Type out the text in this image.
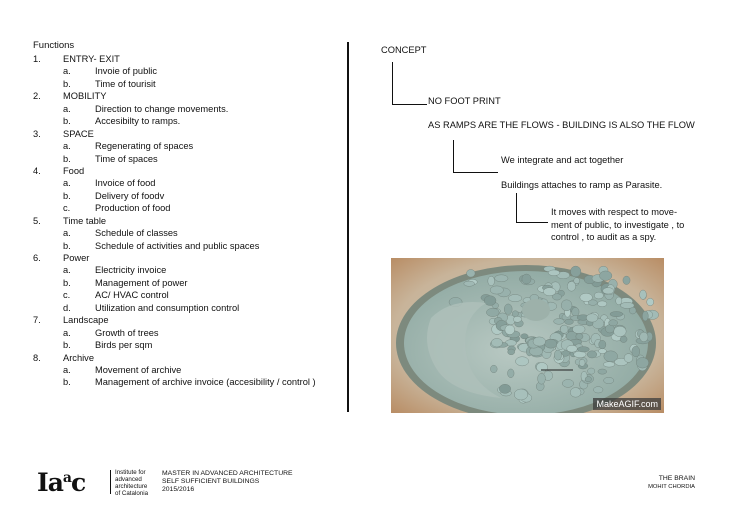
Functions
1. ENTRY- EXIT
a.	Invoie of public
b.	Time of tourisit
2. MOBILITY
a.	Direction to change movements.
b.	Accesibilty to ramps.
3. SPACE
a.	Regenerating of spaces
b.	Time of spaces
4. Food
a.	Invoice of food
b.	Delivery of foodv
c.	Production of food
5. Time table
a.	Schedule of classes
b.	Schedule of activities and public spaces
6. Power
a.	Electricity invoice
b.	Management of power
c.	AC/ HVAC control
d.	Utilization and consumption control
7. Landscape
a.	Growth of trees
b.	Birds per sqm
8. Archive
a.	Movement of archive
b.	Management of archive invoice (accesibility / control )
CONCEPT
NO FOOT PRINT
AS RAMPS ARE THE FLOWS - BUILDING IS ALSO THE FLOW
We integrate and act together
Buildings attaches to ramp as Parasite.
It moves with respect to move-
ment of public, to investigate , to
control , to audit as a spy.
MakeAGIF.com
Ia$^a$c	Institute for
advanced
architecture
of Catalonia
MASTER IN ADVANCED ARCHITECTURE
SELF SUFFICIENT BUILDINGS
2015/2016
THE BRAIN
MOHIT CHORDIA
